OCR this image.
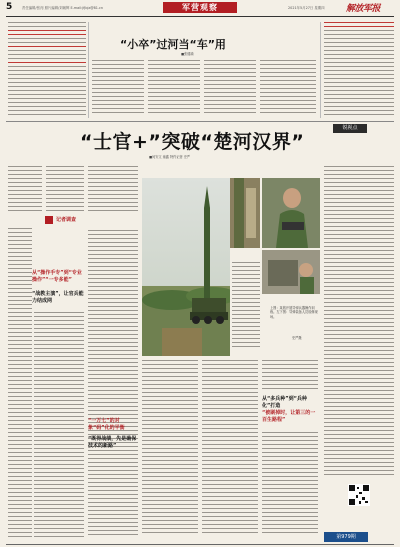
5	责任编辑/张闯 照片编辑/刘朝辉 E-mail:jfjbjz@81.cn	军营观察	2021年5月27日 星期四 解放军报
“小卒”过河当“车”用
■张健瑜
锐视点
“士官+”突破“楚河汉界”
■何安文 童鑫 特约记者 史严
记者调查
从“操作手专”到“专业操作”“一专多能”
“战教主演”，让官兵能力结成网
上图：某旅开展导弹兵器操作训练。左下图：导弹装备人员检修现场。
史严摄
从“多兵种”到“兵种化”打造
“被刷掉时，让第三的一百生路程”
“一万七”的对象“码”化的平衡
“既得战绩，先是确保技术的新路”
第979期
